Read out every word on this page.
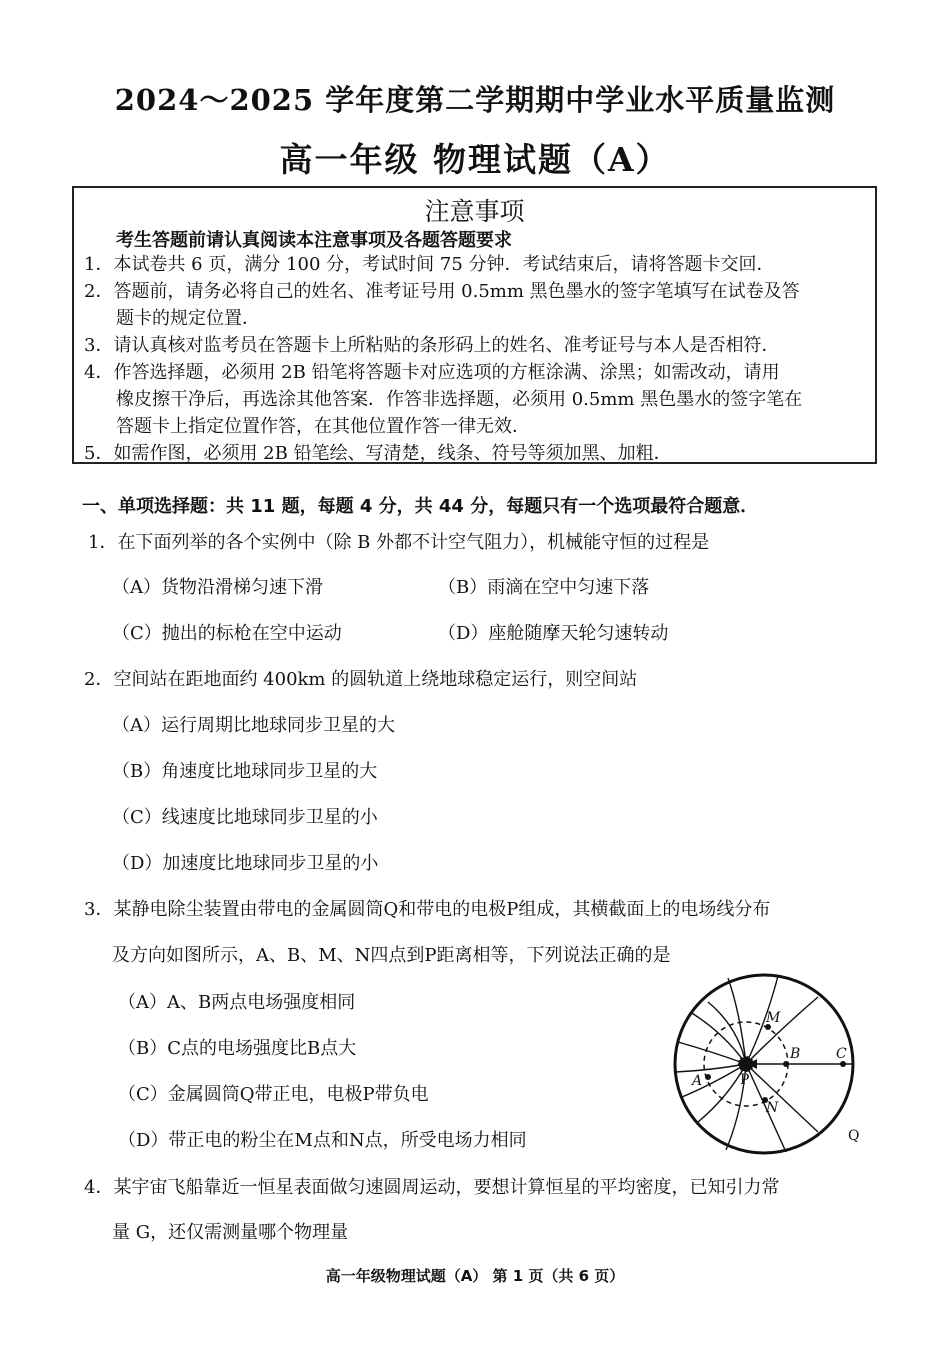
2024～2025 学年度第二学期期中学业水平质量监测
高一年级 物理试题（A）
注意事项
考生答题前请认真阅读本注意事项及各题答题要求
1．本试卷共 6 页，满分 100 分，考试时间 75 分钟．考试结束后，请将答题卡交回．
2．答题前，请务必将自己的姓名、准考证号用 0.5mm 黑色墨水的签字笔填写在试卷及答
题卡的规定位置．
3．请认真核对监考员在答题卡上所粘贴的条形码上的姓名、准考证号与本人是否相符．
4．作答选择题，必须用 2B 铅笔将答题卡对应选项的方框涂满、涂黑；如需改动，请用
橡皮擦干净后，再选涂其他答案．作答非选择题，必须用 0.5mm 黑色墨水的签字笔在
答题卡上指定位置作答，在其他位置作答一律无效．
5．如需作图，必须用 2B 铅笔绘、写清楚，线条、符号等须加黑、加粗．
一、单项选择题：共 11 题，每题 4 分，共 44 分，每题只有一个选项最符合题意．
1．在下面列举的各个实例中（除 B 外都不计空气阻力），机械能守恒的过程是
（A）货物沿滑梯匀速下滑	（B）雨滴在空中匀速下落
（C）抛出的标枪在空中运动	（D）座舱随摩天轮匀速转动
2．空间站在距地面约 400km 的圆轨道上绕地球稳定运行，则空间站
（A）运行周期比地球同步卫星的大
（B）角速度比地球同步卫星的大
（C）线速度比地球同步卫星的小
（D）加速度比地球同步卫星的小
3．某静电除尘装置由带电的金属圆筒Q和带电的电极P组成，其横截面上的电场线分布
及方向如图所示，A、B、M、N四点到P距离相等，下列说法正确的是
（A）A、B两点电场强度相同
（B）C点的电场强度比B点大
（C）金属圆筒Q带正电，电极P带负电
（D）带正电的粉尘在M点和N点，所受电场力相同
M
B	C
A
N
P
Q
4．某宇宙飞船靠近一恒星表面做匀速圆周运动，要想计算恒星的平均密度，已知引力常
量 G，还仅需测量哪个物理量
高一年级物理试题（A） 第 1 页（共 6 页）
